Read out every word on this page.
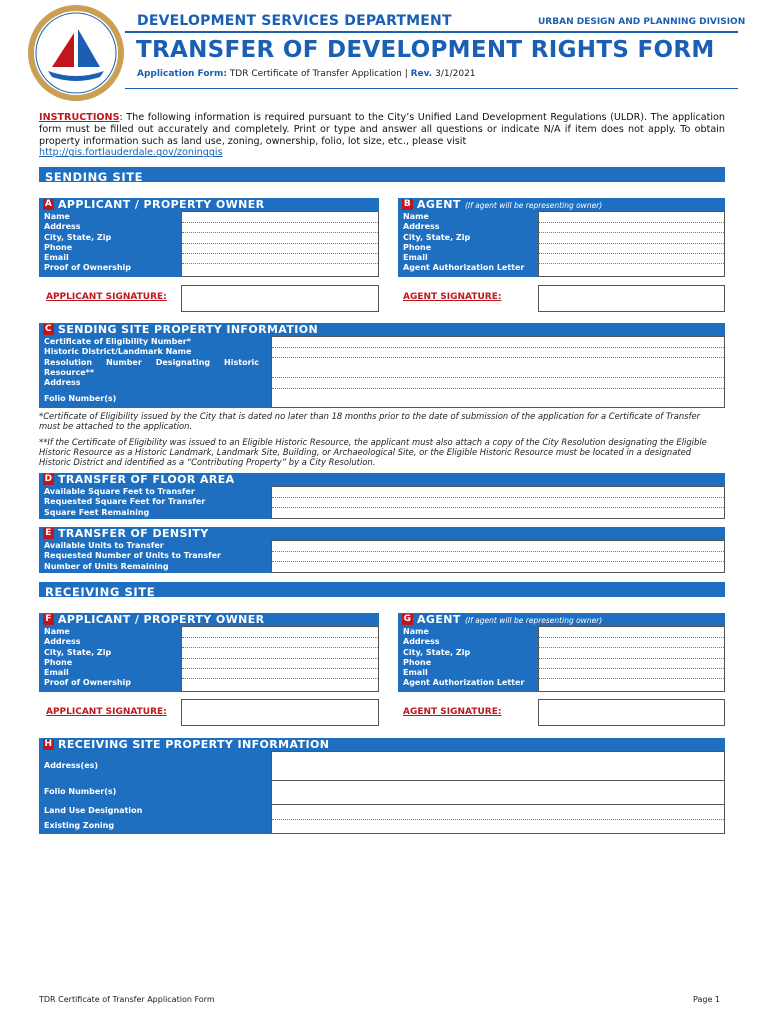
DEVELOPMENT SERVICES DEPARTMENT	URBAN DESIGN AND PLANNING DIVISION
TRANSFER OF DEVELOPMENT RIGHTS FORM
Application Form: TDR Certificate of Transfer Application | Rev. 3/1/2021
INSTRUCTIONS: The following information is required pursuant to the City’s Unified Land Development Regulations (ULDR). The application form must be filled out accurately and completely. Print or type and answer all questions or indicate N/A if item does not apply. To obtain property information such as land use, zoning, ownership, folio, lot size, etc., please visit
http://gis.fortlauderdale.gov/zoninggis
SENDING SITE
A APPLICANT / PROPERTY OWNER
Name
Address
City, State, Zip
Phone
Email
Proof of Ownership
APPLICANT SIGNATURE:
B AGENT (If agent will be representing owner)
Name
Address
City, State, Zip
Phone
Email
Agent Authorization Letter
AGENT SIGNATURE:
C SENDING SITE PROPERTY INFORMATION
Certificate of Eligibility Number*
Historic District/Landmark Name
Resolution Number Designating Historic Resource**
Address
Folio Number(s)
*Certificate of Eligibility issued by the City that is dated no later than 18 months prior to the date of submission of the application for a Certificate of Transfer must be attached to the application.
**If the Certificate of Eligibility was issued to an Eligible Historic Resource, the applicant must also attach a copy of the City Resolution designating the Eligible Historic Resource as a Historic Landmark, Landmark Site, Building, or Archaeological Site, or the Eligible Historic Resource must be located in a designated Historic District and identified as a “Contributing Property” by a City Resolution.
D TRANSFER OF FLOOR AREA
Available Square Feet to Transfer
Requested Square Feet for Transfer
Square Feet Remaining
E TRANSFER OF DENSITY
Available Units to Transfer
Requested Number of Units to Transfer
Number of Units Remaining
RECEIVING SITE
F APPLICANT / PROPERTY OWNER
Name
Address
City, State, Zip
Phone
Email
Proof of Ownership
APPLICANT SIGNATURE:
G AGENT (If agent will be representing owner)
Name
Address
City, State, Zip
Phone
Email
Agent Authorization Letter
AGENT SIGNATURE:
H RECEIVING SITE PROPERTY INFORMATION
Address(es)
Folio Number(s)
Land Use Designation
Existing Zoning
TDR Certificate of Transfer Application Form	Page 1
